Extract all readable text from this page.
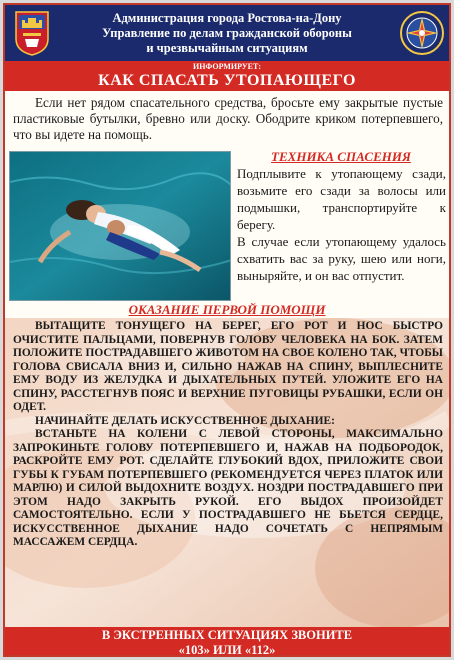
Администрация города Ростова-на-Дону
Управление по делам гражданской обороны
и чрезвычайным ситуациям
ИНФОРМИРУЕТ:
КАК СПАСАТЬ УТОПАЮЩЕГО

Если нет рядом спасательного средства, бросьте ему закрытые пустые пластиковые бутылки, бревно или доску. Ободрите криком потерпевшего, что вы идете на помощь.

ТЕХНИКА СПАСЕНИЯ

Подплывите к утопающему сзади, возьмите его сзади за волосы или подмышки, транспортируйте к берегу.

В случае если утопающему удалось схватить вас за руку, шею или ноги, выныряйте, и он вас отпустит.

ОКАЗАНИЕ ПЕРВОЙ ПОМОЩИ

ВЫТАЩИТЕ ТОНУЩЕГО НА БЕРЕГ, ЕГО РОТ И НОС БЫСТРО ОЧИСТИТЕ ПАЛЬЦАМИ, ПОВЕРНУВ ГОЛОВУ ЧЕЛОВЕКА НА БОК. ЗАТЕМ ПОЛОЖИТЕ ПОСТРАДАВШЕГО ЖИВОТОМ НА СВОЕ КОЛЕНО ТАК, ЧТОБЫ ГОЛОВА СВИСАЛА ВНИЗ И, СИЛЬНО НАЖАВ НА СПИНУ, ВЫПЛЕСНИТЕ ЕМУ ВОДУ ИЗ ЖЕЛУДКА И ДЫХАТЕЛЬНЫХ ПУТЕЙ. УЛОЖИТЕ ЕГО НА СПИНУ, РАССТЕГНУВ ПОЯС И ВЕРХНИЕ ПУГОВИЦЫ РУБАШКИ, ЕСЛИ ОН ОДЕТ.

НАЧИНАЙТЕ ДЕЛАТЬ ИСКУССТВЕННОЕ ДЫХАНИЕ:

ВСТАНЬТЕ НА КОЛЕНИ С ЛЕВОЙ СТОРОНЫ, МАКСИМАЛЬНО ЗАПРОКИНЬТЕ ГОЛОВУ ПОТЕРПЕВШЕГО И, НАЖАВ НА ПОДБОРОДОК, РАСКРОЙТЕ ЕМУ РОТ. СДЕЛАЙТЕ ГЛУБОКИЙ ВДОХ, ПРИЛОЖИТЕ СВОИ ГУБЫ К ГУБАМ ПОТЕРПЕВШЕГО (РЕКОМЕНДУЕТСЯ ЧЕРЕЗ ПЛАТОК ИЛИ МАРЛЮ) И СИЛОЙ ВЫДОХНИТЕ ВОЗДУХ. НОЗДРИ ПОСТРАДАВШЕГО ПРИ ЭТОМ НАДО ЗАКРЫТЬ РУКОЙ. ЕГО ВЫДОХ ПРОИЗОЙДЕТ САМОСТОЯТЕЛЬНО. ЕСЛИ У ПОСТРАДАВШЕГО НЕ БЬЕТСЯ СЕРДЦЕ, ИСКУССТВЕННОЕ ДЫХАНИЕ НАДО СОЧЕТАТЬ С НЕПРЯМЫМ МАССАЖЕМ СЕРДЦА.

В ЭКСТРЕННЫХ СИТУАЦИЯХ ЗВОНИТЕ
«103» ИЛИ «112»
